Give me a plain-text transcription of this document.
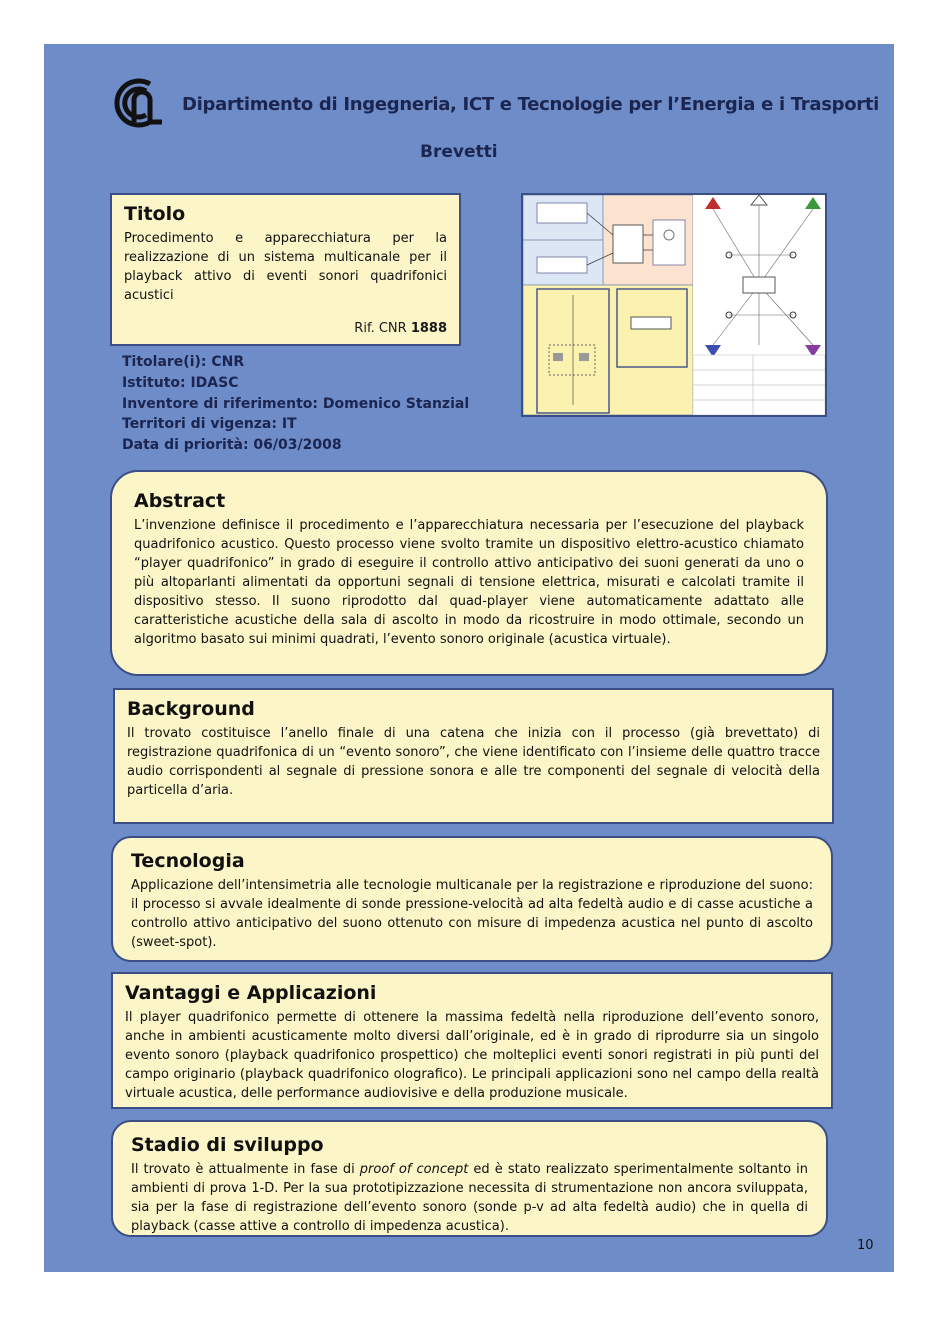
Dipartimento di Ingegneria, ICT e Tecnologie per l’Energia e i Trasporti
Brevetti
Titolo

Procedimento e apparecchiatura per la realizzazione di un sistema multicanale per il playback attivo di eventi sonori quadrifonici acustici

Rif. CNR 1888
Titolare(i): CNR
Istituto: IDASC
Inventore di riferimento: Domenico Stanzial
Territori di vigenza: IT
Data di priorità: 06/03/2008
Abstract

L’invenzione definisce il procedimento e l’apparecchiatura necessaria per l’esecuzione del playback quadrifonico acustico. Questo processo viene svolto tramite un dispositivo elettro-acustico chiamato “player quadrifonico” in grado di eseguire il controllo attivo anticipativo dei suoni generati da uno o più altoparlanti alimentati da opportuni segnali di tensione elettrica, misurati e calcolati tramite il dispositivo stesso. Il suono riprodotto dal quad-player viene automaticamente adattato alle caratteristiche acustiche della sala di ascolto in modo da ricostruire in modo ottimale, secondo un algoritmo basato sui minimi quadrati, l’evento sonoro originale (acustica virtuale).

Background

Il trovato costituisce l’anello finale di una catena che inizia con il processo (già brevettato) di registrazione quadrifonica di un “evento sonoro”, che viene identificato con l’insieme delle quattro tracce audio corrispondenti al segnale di pressione sonora e alle tre componenti del segnale di velocità della particella d’aria.

Tecnologia

Applicazione dell’intensimetria alle tecnologie multicanale per la registrazione e riproduzione del suono: il processo si avvale idealmente di sonde pressione-velocità ad alta fedeltà audio e di casse acustiche a controllo attivo anticipativo del suono ottenuto con misure di impedenza acustica nel punto di ascolto (sweet-spot).

Vantaggi e Applicazioni

Il player quadrifonico permette di ottenere la massima fedeltà nella riproduzione dell’evento sonoro, anche in ambienti acusticamente molto diversi dall’originale, ed è in grado di riprodurre sia un singolo evento sonoro (playback quadrifonico prospettico) che molteplici eventi sonori registrati in più punti del campo originario (playback quadrifonico olografico). Le principali applicazioni sono nel campo della realtà virtuale acustica, delle performance audiovisive e della produzione musicale.

Stadio di sviluppo

Il trovato è attualmente in fase di proof of concept ed è stato realizzato sperimentalmente soltanto in ambienti di prova 1-D. Per la sua prototipizzazione necessita di strumentazione non ancora sviluppata, sia per la fase di registrazione dell’evento sonoro (sonde p-v ad alta fedeltà audio) che in quella di playback (casse attive a controllo di impedenza acustica).

10
